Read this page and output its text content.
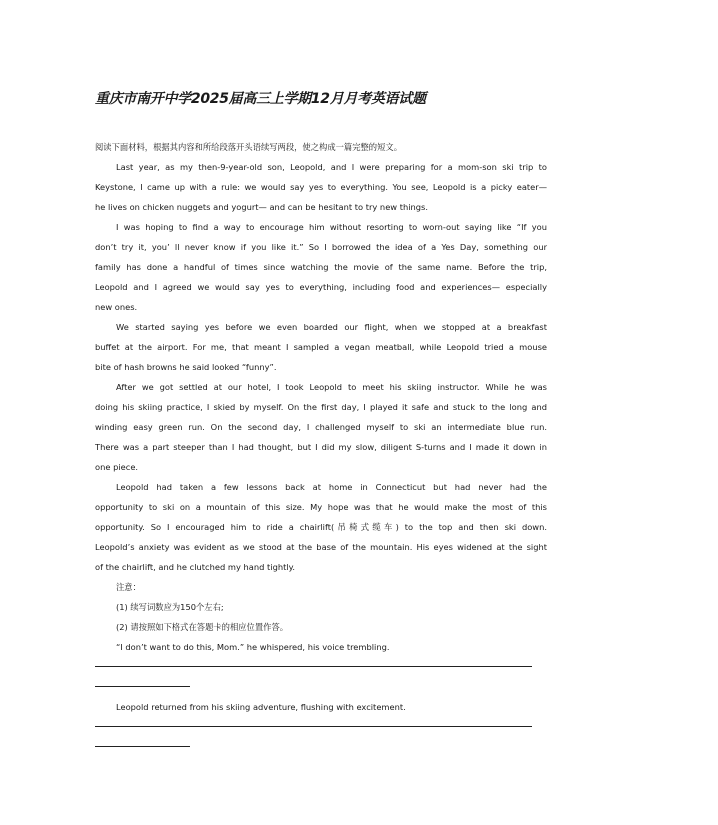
重庆市南开中学2025届高三上学期12月月考英语试题
阅读下面材料，根据其内容和所给段落开头语续写两段，使之构成一篇完整的短文。
Last year, as my then-9-year-old son, Leopold, and I were preparing for a mom-son ski trip to
Keystone, I came up with a rule: we would say yes to everything. You see, Leopold is a picky eater—
he lives on chicken nuggets and yogurt— and can be hesitant to try new things.
I was hoping to find a way to encourage him without resorting to worn-out saying like “If you
don’t try it, you’ ll never know if you like it.” So I borrowed the idea of a Yes Day, something our
family has done a handful of times since watching the movie of the same name. Before the trip,
Leopold and I agreed we would say yes to everything, including food and experiences— especially
new ones.
We started saying yes before we even boarded our flight, when we stopped at a breakfast
buffet at the airport. For me, that meant I sampled a vegan meatball, while Leopold tried a mouse
bite of hash browns he said looked “funny”.
After we got settled at our hotel, I took Leopold to meet his skiing instructor. While he was
doing his skiing practice, I skied by myself. On the first day, I played it safe and stuck to the long and
winding easy green run. On the second day, I challenged myself to ski an intermediate blue run.
There was a part steeper than I had thought, but I did my slow, diligent S-turns and I made it down in
one piece.
Leopold had taken a few lessons back at home in Connecticut but had never had the
opportunity to ski on a mountain of this size. My hope was that he would make the most of this
opportunity. So I encouraged him to ride a chairlift(吊椅式缆车) to the top and then ski down.
Leopold’s anxiety was evident as we stood at the base of the mountain. His eyes widened at the sight
of the chairlift, and he clutched my hand tightly.
注意：
(1) 续写词数应为150个左右;
(2) 请按照如下格式在答题卡的相应位置作答。
“I don’t want to do this, Mom.” he whispered, his voice trembling.
Leopold returned from his skiing adventure, flushing with excitement.
